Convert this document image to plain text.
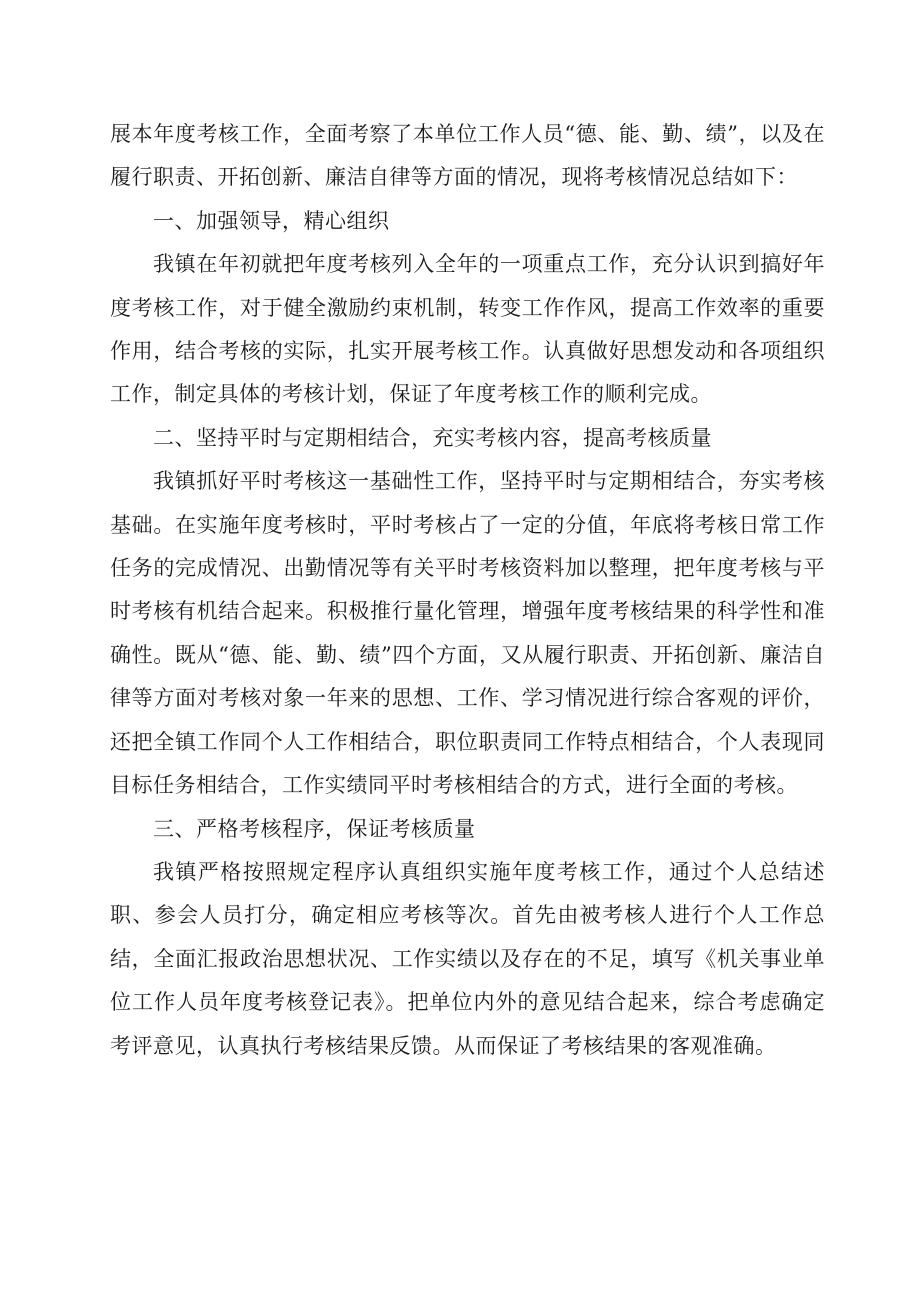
展本年度考核工作，全面考察了本单位工作人员“德、能、勤、绩”，以及在履行职责、开拓创新、廉洁自律等方面的情况，现将考核情况总结如下：

一、加强领导，精心组织

我镇在年初就把年度考核列入全年的一项重点工作，充分认识到搞好年度考核工作，对于健全激励约束机制，转变工作作风，提高工作效率的重要作用，结合考核的实际，扎实开展考核工作。认真做好思想发动和各项组织工作，制定具体的考核计划，保证了年度考核工作的顺利完成。

二、坚持平时与定期相结合，充实考核内容，提高考核质量

我镇抓好平时考核这一基础性工作，坚持平时与定期相结合，夯实考核基础。在实施年度考核时，平时考核占了一定的分值，年底将考核日常工作任务的完成情况、出勤情况等有关平时考核资料加以整理，把年度考核与平时考核有机结合起来。积极推行量化管理，增强年度考核结果的科学性和准确性。既从“德、能、勤、绩”四个方面，又从履行职责、开拓创新、廉洁自律等方面对考核对象一年来的思想、工作、学习情况进行综合客观的评价，还把全镇工作同个人工作相结合，职位职责同工作特点相结合，个人表现同目标任务相结合，工作实绩同平时考核相结合的方式，进行全面的考核。

三、严格考核程序，保证考核质量

我镇严格按照规定程序认真组织实施年度考核工作，通过个人总结述职、参会人员打分，确定相应考核等次。首先由被考核人进行个人工作总结，全面汇报政治思想状况、工作实绩以及存在的不足，填写《机关事业单位工作人员年度考核登记表》。把单位内外的意见结合起来，综合考虑确定考评意见，认真执行考核结果反馈。从而保证了考核结果的客观准确。
